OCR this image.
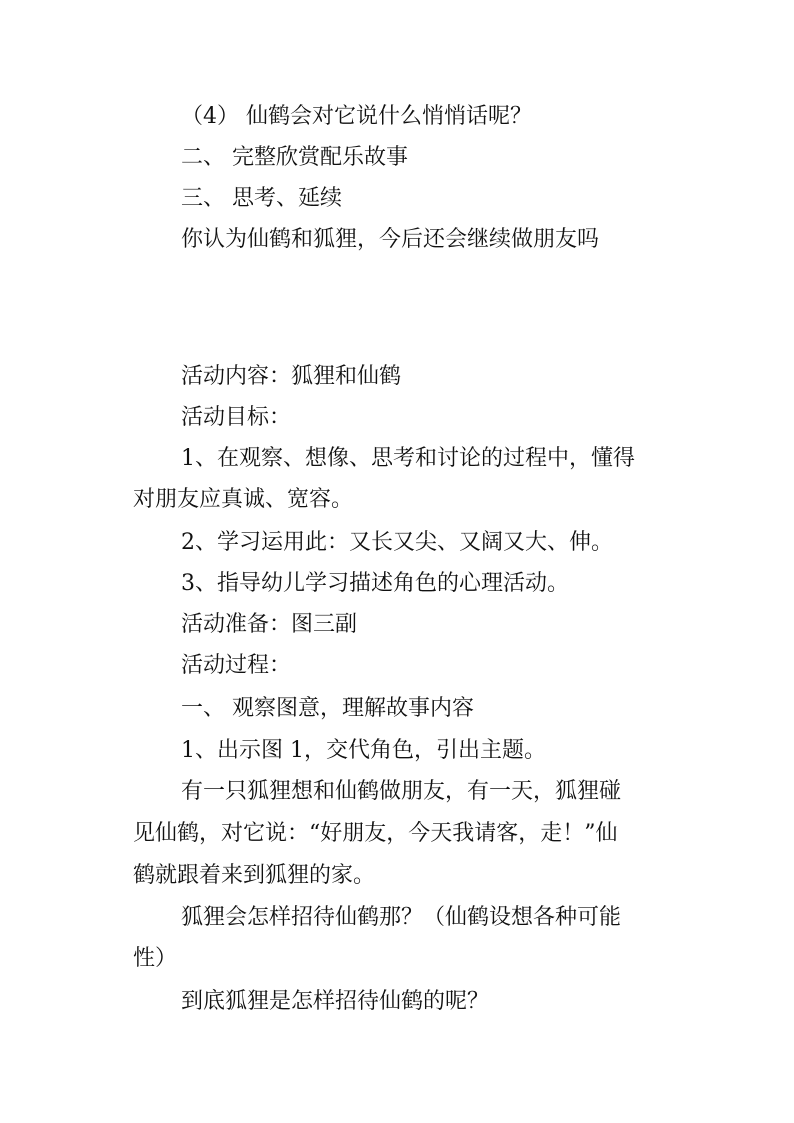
（4） 仙鹤会对它说什么悄悄话呢？
二、 完整欣赏配乐故事
三、 思考、延续
你认为仙鹤和狐狸，今后还会继续做朋友吗
活动内容：狐狸和仙鹤
活动目标：
1、在观察、想像、思考和讨论的过程中，懂得
对朋友应真诚、宽容。
2、学习运用此：又长又尖、又阔又大、伸。
3、指导幼儿学习描述角色的心理活动。
活动准备：图三副
活动过程：
一、 观察图意，理解故事内容
1、出示图 1，交代角色，引出主题。
有一只狐狸想和仙鹤做朋友，有一天，狐狸碰
见仙鹤，对它说：“好朋友，今天我请客，走！”仙
鹤就跟着来到狐狸的家。
狐狸会怎样招待仙鹤那？（仙鹤设想各种可能
性）
到底狐狸是怎样招待仙鹤的呢？
